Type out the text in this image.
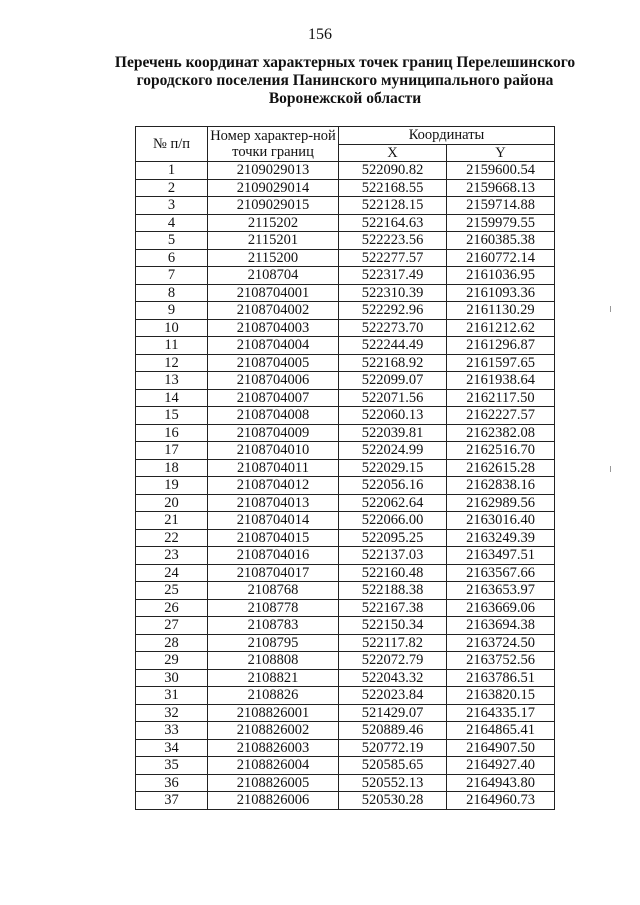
156
Перечень координат характерных точек границ Перелешинского
городского поселения Панинского муниципального района
Воронежской области
№ п/п	Номер характер-ной точки границ	Координаты	
		X	Y
1	2109029013	522090.82	2159600.54
2	2109029014	522168.55	2159668.13
3	2109029015	522128.15	2159714.88
4	2115202	522164.63	2159979.55
5	2115201	522223.56	2160385.38
6	2115200	522277.57	2160772.14
7	2108704	522317.49	2161036.95
8	2108704001	522310.39	2161093.36
9	2108704002	522292.96	2161130.29
10	2108704003	522273.70	2161212.62
11	2108704004	522244.49	2161296.87
12	2108704005	522168.92	2161597.65
13	2108704006	522099.07	2161938.64
14	2108704007	522071.56	2162117.50
15	2108704008	522060.13	2162227.57
16	2108704009	522039.81	2162382.08
17	2108704010	522024.99	2162516.70
18	2108704011	522029.15	2162615.28
19	2108704012	522056.16	2162838.16
20	2108704013	522062.64	2162989.56
21	2108704014	522066.00	2163016.40
22	2108704015	522095.25	2163249.39
23	2108704016	522137.03	2163497.51
24	2108704017	522160.48	2163567.66
25	2108768	522188.38	2163653.97
26	2108778	522167.38	2163669.06
27	2108783	522150.34	2163694.38
28	2108795	522117.82	2163724.50
29	2108808	522072.79	2163752.56
30	2108821	522043.32	2163786.51
31	2108826	522023.84	2163820.15
32	2108826001	521429.07	2164335.17
33	2108826002	520889.46	2164865.41
34	2108826003	520772.19	2164907.50
35	2108826004	520585.65	2164927.40
36	2108826005	520552.13	2164943.80
37	2108826006	520530.28	2164960.73
